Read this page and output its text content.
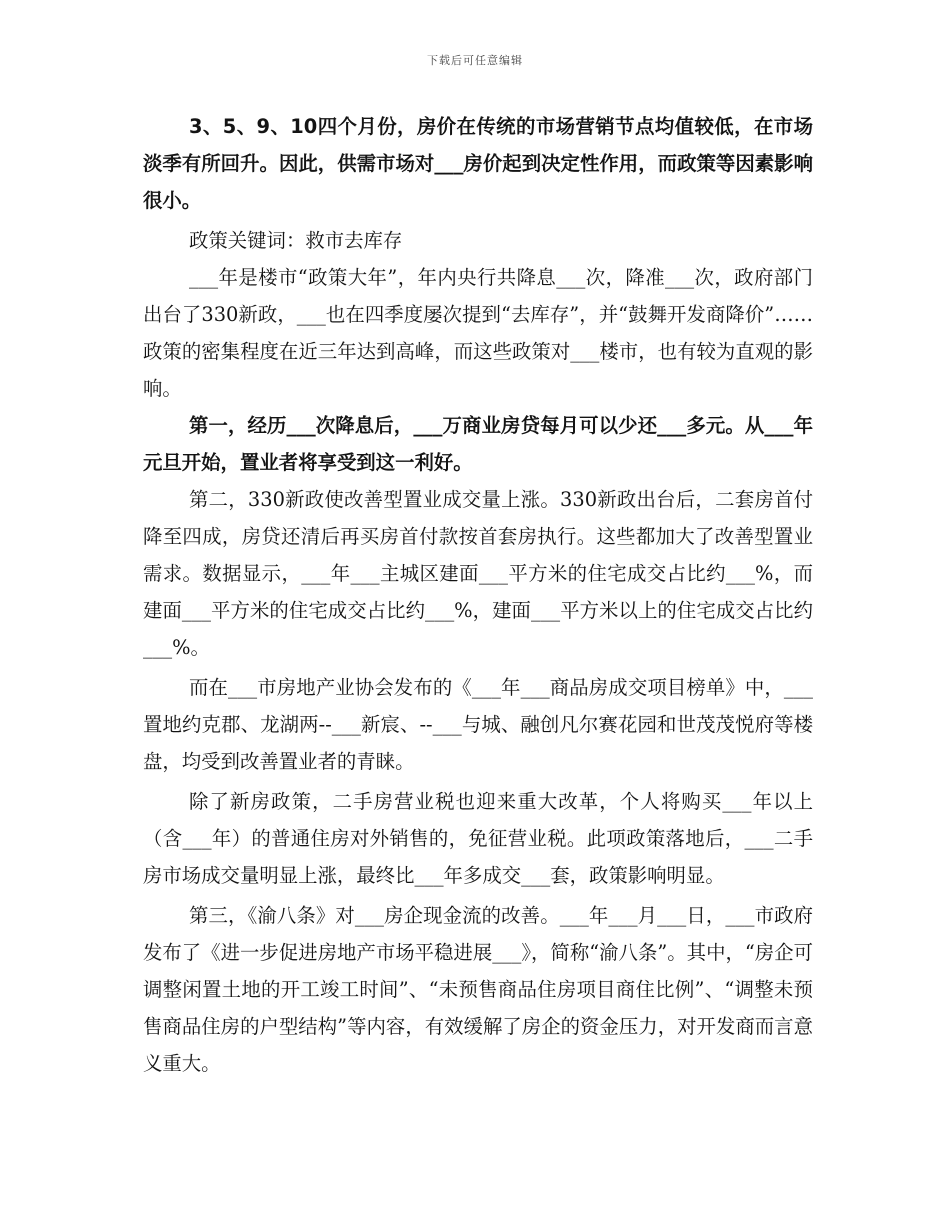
下载后可任意编辑

3、5、9、10四个月份，房价在传统的市场营销节点均值较低，在市场淡季有所回升。因此，供需市场对___房价起到决定性作用，而政策等因素影响很小。

政策关键词：救市去库存

___年是楼市“政策大年”，年内央行共降息___次，降准___次，政府部门出台了330新政，___也在四季度屡次提到“去库存”，并“鼓舞开发商降价”……政策的密集程度在近三年达到高峰，而这些政策对___楼市，也有较为直观的影响。

第一，经历___次降息后，___万商业房贷每月可以少还___多元。从___年元旦开始，置业者将享受到这一利好。

第二，330新政使改善型置业成交量上涨。330新政出台后，二套房首付降至四成，房贷还清后再买房首付款按首套房执行。这些都加大了改善型置业需求。数据显示，___年___主城区建面___平方米的住宅成交占比约___%，而建面___平方米的住宅成交占比约___%，建面___平方米以上的住宅成交占比约___%。

而在___市房地产业协会发布的《___年___商品房成交项目榜单》中，___置地约克郡、龙湖两--___新宸、--___与城、融创凡尔赛花园和世茂茂悦府等楼盘，均受到改善置业者的青睐。

除了新房政策，二手房营业税也迎来重大改革，个人将购买___年以上（含___年）的普通住房对外销售的，免征营业税。此项政策落地后，___二手房市场成交量明显上涨，最终比___年多成交___套，政策影响明显。

第三，《渝八条》对___房企现金流的改善。___年___月___日，___市政府发布了《进一步促进房地产市场平稳进展___》，简称“渝八条”。其中，“房企可调整闲置土地的开工竣工时间”、“未预售商品住房项目商住比例”、“调整未预售商品住房的户型结构”等内容，有效缓解了房企的资金压力，对开发商而言意义重大。
